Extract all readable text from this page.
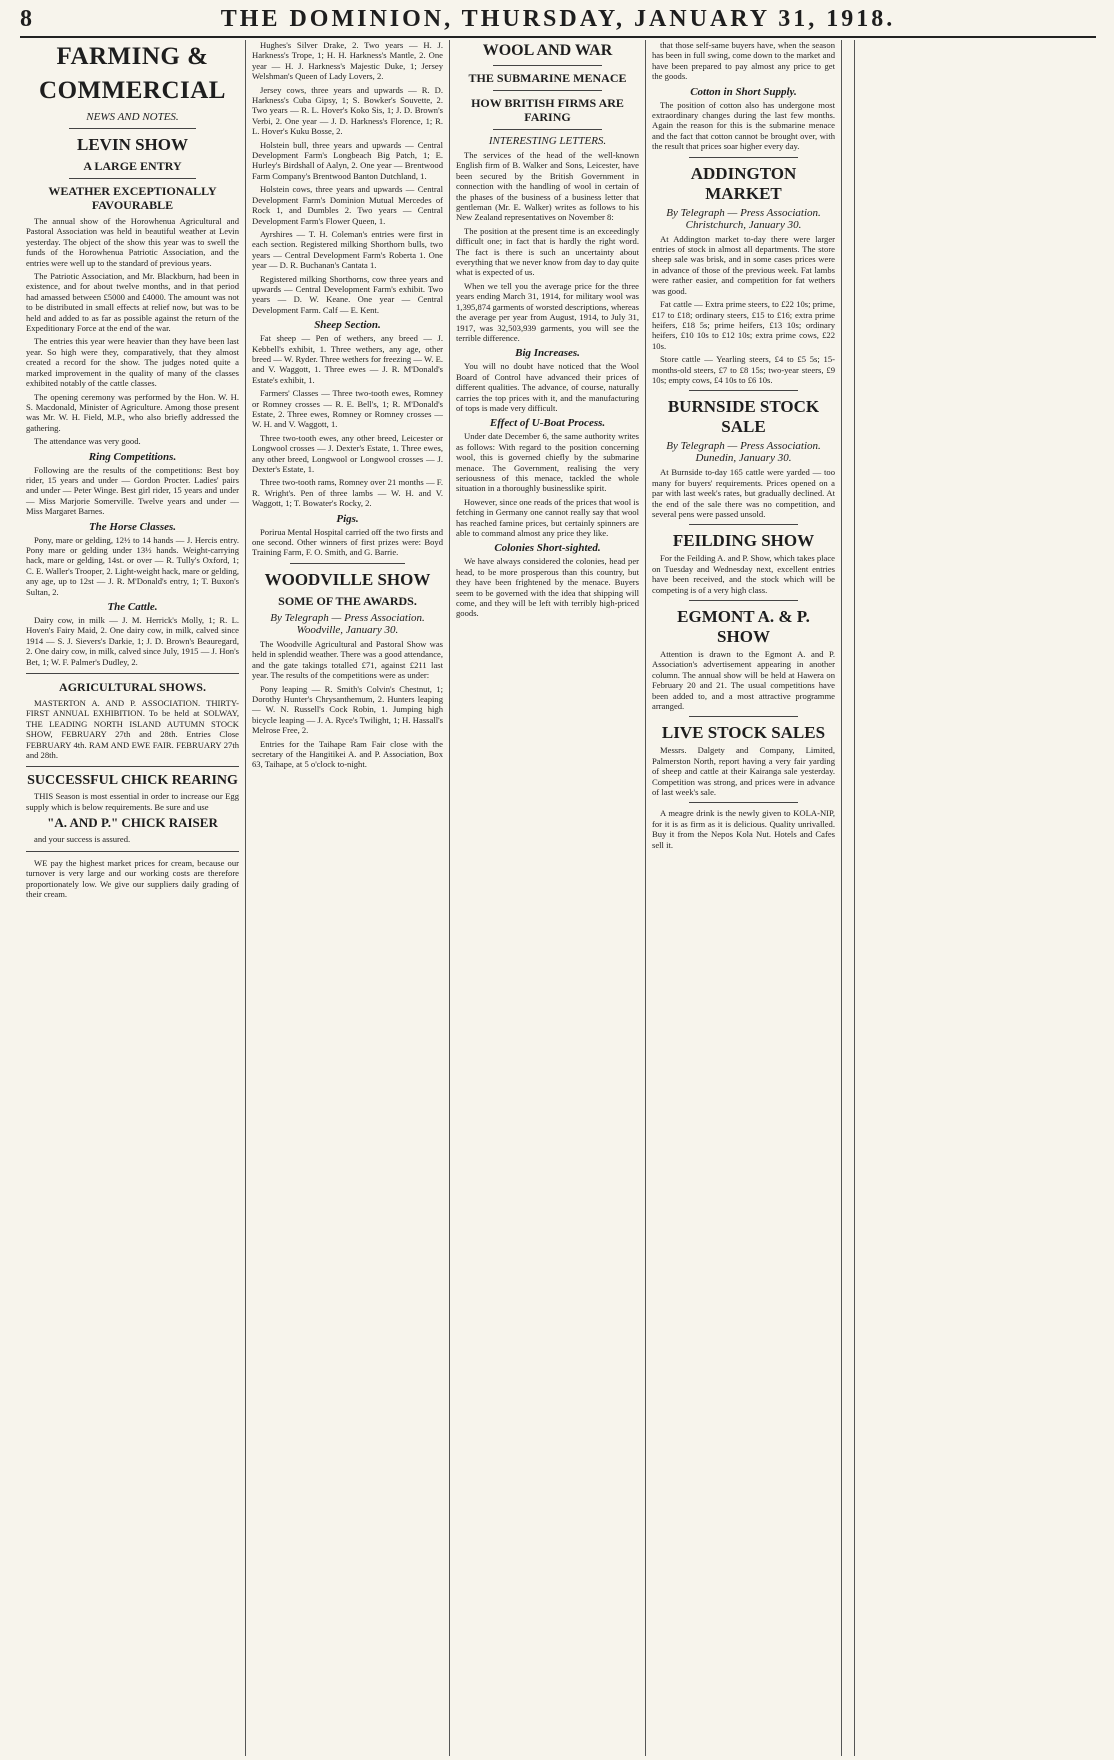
8	THE DOMINION, THURSDAY, JANUARY 31, 1918.
FARMING & COMMERCIAL
NEWS AND NOTES.
LEVIN SHOW
A LARGE ENTRY
WEATHER EXCEPTIONALLY FAVOURABLE

The annual show of the Horowhenua Agricultural and Pastoral Association was held in beautiful weather at Levin yesterday. The object of the show this year was to swell the funds of the Horowhenua Patriotic Association, and the entries were well up to the standard of previous years.

The Patriotic Association, and Mr. Blackburn, had been in existence, and for about twelve months, and in that period had amassed between £5000 and £4000. The amount was not to be distributed in small effects at relief now, but was to be held and added to as far as possible against the return of the Expeditionary Force at the end of the war.

The entries this year were heavier than they have been last year. So high were they, comparatively, that they almost created a record for the show. The judges noted quite a marked improvement in the quality of many of the classes exhibited notably of the cattle classes.

The opening ceremony was performed by the Hon. W. H. S. Macdonald, Minister of Agriculture. Among those present was Mr. W. H. Field, M.P., who also briefly addressed the gathering.

The attendance was very good.

Ring Competitions.

Following are the results of the competitions: Best boy rider, 15 years and under — Gordon Procter. Ladies' pairs and under — Peter Winge. Best girl rider, 15 years and under — Miss Marjorie Somerville. Twelve years and under — Miss Margaret Barnes.

The Horse Classes.

Pony, mare or gelding, 12½ to 14 hands — J. Hercis entry. Pony mare or gelding under 13½ hands. Weight-carrying hack, mare or gelding, 14st. or over — R. Tully's Oxford, 1; C. E. Waller's Trooper, 2. Light-weight hack, mare or gelding, any age, up to 12st — J. R. M'Donald's entry, 1; T. Buxon's Sultan, 2.

The Cattle.

Dairy cow, in milk — J. M. Herrick's Molly, 1; R. L. Hoven's Fairy Maid, 2. One dairy cow, in milk, calved since 1914 — S. J. Sievers's Darkie, 1; J. D. Brown's Beauregard, 2. One dairy cow, in milk, calved since July, 1915 — J. Hon's Bet, 1; W. F. Palmer's Dudley, 2.

AGRICULTURAL SHOWS.

MASTERTON A. AND P. ASSOCIATION. THIRTY-FIRST ANNUAL EXHIBITION. To be held at SOLWAY, THE LEADING NORTH ISLAND AUTUMN STOCK SHOW, FEBRUARY 27th and 28th. Entries Close FEBRUARY 4th. RAM AND EWE FAIR. FEBRUARY 27th and 28th.

SUCCESSFUL CHICK REARING

THIS Season is most essential in order to increase our Egg supply which is below requirements. Be sure and use

"A. AND P." CHICK RAISER

and your success is assured.

WE pay the highest market prices for cream, because our turnover is very large and our working costs are therefore proportionately low. We give our suppliers daily grading of their cream.

Hughes's Silver Drake, 2. Two years — H. J. Harkness's Trope, 1; H. H. Harkness's Mantle, 2. One year — H. J. Harkness's Majestic Duke, 1; Jersey Welshman's Queen of Lady Lovers, 2.

Jersey cows, three years and upwards — R. D. Harkness's Cuba Gipsy, 1; S. Bowker's Souvette, 2. Two years — R. L. Hover's Koko Sis, 1; J. D. Brown's Verbi, 2. One year — J. D. Harkness's Florence, 1; R. L. Hover's Kuku Bosse, 2.

Holstein bull, three years and upwards — Central Development Farm's Longbeach Big Patch, 1; E. Hurley's Birdshall of Aalyn, 2. One year — Brentwood Farm Company's Brentwood Banton Dutchland, 1.

Holstein cows, three years and upwards — Central Development Farm's Dominion Mutual Mercedes of Rock 1, and Dumbles 2. Two years — Central Development Farm's Flower Queen, 1.

Ayrshires — T. H. Coleman's entries were first in each section. Registered milking Shorthorn bulls, two years — Central Development Farm's Roberta 1. One year — D. R. Buchanan's Cantata 1.

Registered milking Shorthorns, cow three years and upwards — Central Development Farm's exhibit. Two years — D. W. Keane. One year — Central Development Farm. Calf — E. Kent.

Sheep Section.

Fat sheep — Pen of wethers, any breed — J. Kebbell's exhibit, 1. Three wethers, any age, other breed — W. Ryder. Three wethers for freezing — W. E. and V. Waggott, 1. Three ewes — J. R. M'Donald's Estate's exhibit, 1.

Farmers' Classes — Three two-tooth ewes, Romney or Romney crosses — R. E. Bell's, 1; R. M'Donald's Estate, 2. Three ewes, Romney or Romney crosses — W. H. and V. Waggott, 1.

Three two-tooth ewes, any other breed, Leicester or Longwool crosses — J. Dexter's Estate, 1. Three ewes, any other breed, Longwool or Longwool crosses — J. Dexter's Estate, 1.

Three two-tooth rams, Romney over 21 months — F. R. Wright's. Pen of three lambs — W. H. and V. Waggott, 1; T. Bowater's Rocky, 2.

Pigs.

Porirua Mental Hospital carried off the two firsts and one second. Other winners of first prizes were: Boyd Training Farm, F. O. Smith, and G. Barrie.

WOODVILLE SHOW
SOME OF THE AWARDS.
By Telegraph — Press Association. Woodville, January 30.

The Woodville Agricultural and Pastoral Show was held in splendid weather. There was a good attendance, and the gate takings totalled £71, against £211 last year. The results of the competitions were as under:

Pony leaping — R. Smith's Colvin's Chestnut, 1; Dorothy Hunter's Chrysanthemum, 2. Hunters leaping — W. N. Russell's Cock Robin, 1. Jumping high bicycle leaping — J. A. Ryce's Twilight, 1; H. Hassall's Melrose Free, 2.

Entries for the Taihape Ram Fair close with the secretary of the Hangitikei A. and P. Association, Box 63, Taihape, at 5 o'clock to-night.

WOOL AND WAR
THE SUBMARINE MENACE
HOW BRITISH FIRMS ARE FARING
INTERESTING LETTERS.

The services of the head of the well-known English firm of B. Walker and Sons, Leicester, have been secured by the British Government in connection with the handling of wool in certain of the phases of the business of a business letter that gentleman (Mr. E. Walker) writes as follows to his New Zealand representatives on November 8:

The position at the present time is an exceedingly difficult one; in fact that is hardly the right word. The fact is there is such an uncertainty about everything that we never know from day to day quite what is expected of us.

When we tell you the average price for the three years ending March 31, 1914, for military wool was 1,395,874 garments of worsted descriptions, whereas the average per year from August, 1914, to July 31, 1917, was 32,503,939 garments, you will see the terrible difference.

Big Increases.

You will no doubt have noticed that the Wool Board of Control have advanced their prices of different qualities. The advance, of course, naturally carries the top prices with it, and the manufacturing of tops is made very difficult.

Effect of U-Boat Process.

Under date December 6, the same authority writes as follows: With regard to the position concerning wool, this is governed chiefly by the submarine menace. The Government, realising the very seriousness of this menace, tackled the whole situation in a thoroughly businesslike spirit.

However, since one reads of the prices that wool is fetching in Germany one cannot really say that wool has reached famine prices, but certainly spinners are able to command almost any price they like.

Colonies Short-sighted.

We have always considered the colonies, head per head, to be more prosperous than this country, but they have been frightened by the menace. Buyers seem to be governed with the idea that shipping will come, and they will be left with terribly high-priced goods.

that those self-same buyers have, when the season has been in full swing, come down to the market and have been prepared to pay almost any price to get the goods.

Cotton in Short Supply.

The position of cotton also has undergone most extraordinary changes during the last few months. Again the reason for this is the submarine menace and the fact that cotton cannot be brought over, with the result that prices soar higher every day.

ADDINGTON MARKET
By Telegraph — Press Association. Christchurch, January 30.

At Addington market to-day there were larger entries of stock in almost all departments. The store sheep sale was brisk, and in some cases prices were in advance of those of the previous week. Fat lambs were rather easier, and competition for fat wethers was good.

Fat cattle — Extra prime steers, to £22 10s; prime, £17 to £18; ordinary steers, £15 to £16; extra prime heifers, £18 5s; prime heifers, £13 10s; ordinary heifers, £10 10s to £12 10s; extra prime cows, £22 10s.

Store cattle — Yearling steers, £4 to £5 5s; 15-months-old steers, £7 to £8 15s; two-year steers, £9 10s; empty cows, £4 10s to £6 10s.

BURNSIDE STOCK SALE
By Telegraph — Press Association. Dunedin, January 30.

At Burnside to-day 165 cattle were yarded — too many for buyers' requirements. Prices opened on a par with last week's rates, but gradually declined. At the end of the sale there was no competition, and several pens were passed unsold.

FEILDING SHOW

For the Feilding A. and P. Show, which takes place on Tuesday and Wednesday next, excellent entries have been received, and the stock which will be competing is of a very high class.

EGMONT A. & P. SHOW

Attention is drawn to the Egmont A. and P. Association's advertisement appearing in another column. The annual show will be held at Hawera on February 20 and 21. The usual competitions have been added to, and a most attractive programme arranged.

LIVE STOCK SALES

Messrs. Dalgety and Company, Limited, Palmerston North, report having a very fair yarding of sheep and cattle at their Kairanga sale yesterday. Competition was strong, and prices were in advance of last week's sale.

A meagre drink is the newly given to KOLA-NIP, for it is as firm as it is delicious. Quality unrivalled. Buy it from the Nepos Kola Nut. Hotels and Cafes sell it.
